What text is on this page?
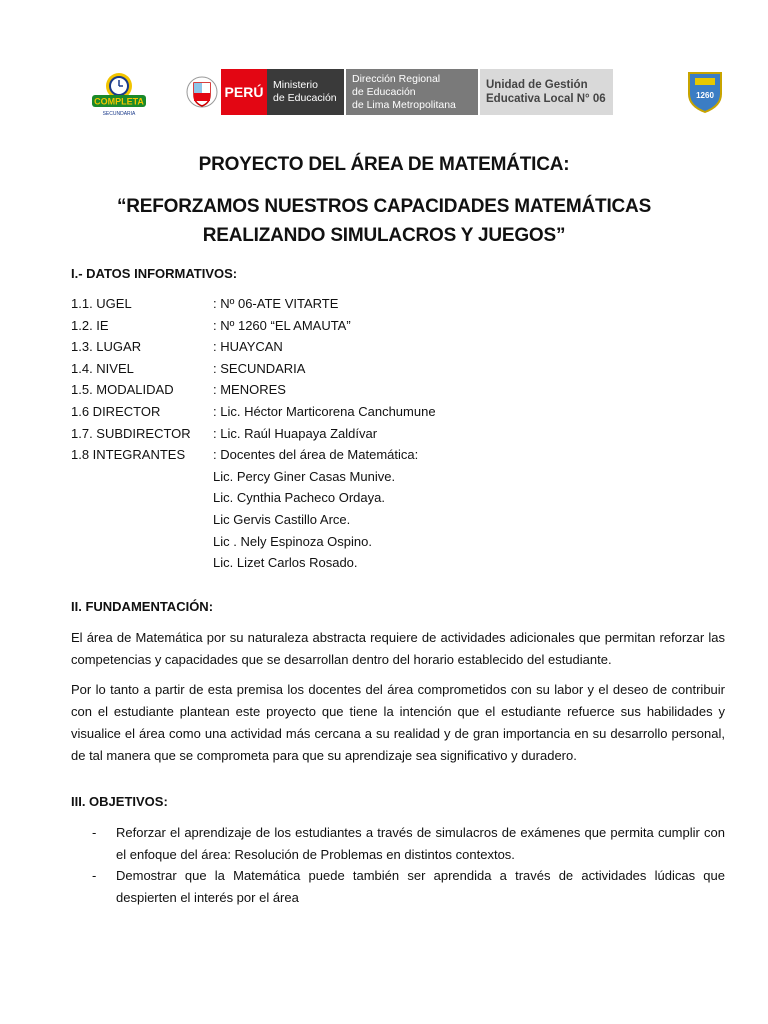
COMPLETA
SECUNDARIA
PERÚ Ministerio
de Educación
Dirección Regional
de Educación
de Lima Metropolitana
Unidad de Gestión
Educativa Local N° 06	1260
PROYECTO DEL ÁREA DE MATEMÁTICA:
“REFORZAMOS NUESTROS CAPACIDADES MATEMÁTICAS
REALIZANDO SIMULACROS Y JUEGOS”
I.- DATOS INFORMATIVOS:
1.1. UGEL	: Nº 06-ATE VITARTE
1.2. IE	: Nº 1260 “EL AMAUTA”
1.3. LUGAR	: HUAYCAN
1.4. NIVEL	: SECUNDARIA
1.5. MODALIDAD	: MENORES
1.6 DIRECTOR	: Lic. Héctor Marticorena Canchumune
1.7. SUBDIRECTOR	: Lic. Raúl Huapaya Zaldívar
1.8 INTEGRANTES	: Docentes del área de Matemática:
Lic. Percy Giner Casas Munive.
Lic. Cynthia Pacheco Ordaya.
Lic Gervis Castillo Arce.
Lic . Nely Espinoza Ospino.
Lic. Lizet Carlos Rosado.
II. FUNDAMENTACIÓN:
El área de Matemática por su naturaleza abstracta requiere de actividades adicionales que permitan reforzar las competencias y capacidades que se desarrollan dentro del horario establecido del estudiante.
Por lo tanto a partir de esta premisa los docentes del área comprometidos con su labor y el deseo de contribuir con el estudiante plantean este proyecto que tiene la intención que el estudiante refuerce sus habilidades y visualice el área como una actividad más cercana a su realidad y de gran importancia en su desarrollo personal, de tal manera que se comprometa para que su aprendizaje sea significativo y duradero.
III. OBJETIVOS:
- Reforzar el aprendizaje de los estudiantes a través de simulacros de exámenes que permita cumplir con el enfoque del área: Resolución de Problemas en distintos contextos.
- Demostrar que la Matemática puede también ser aprendida a través de actividades lúdicas que despierten el interés por el área
